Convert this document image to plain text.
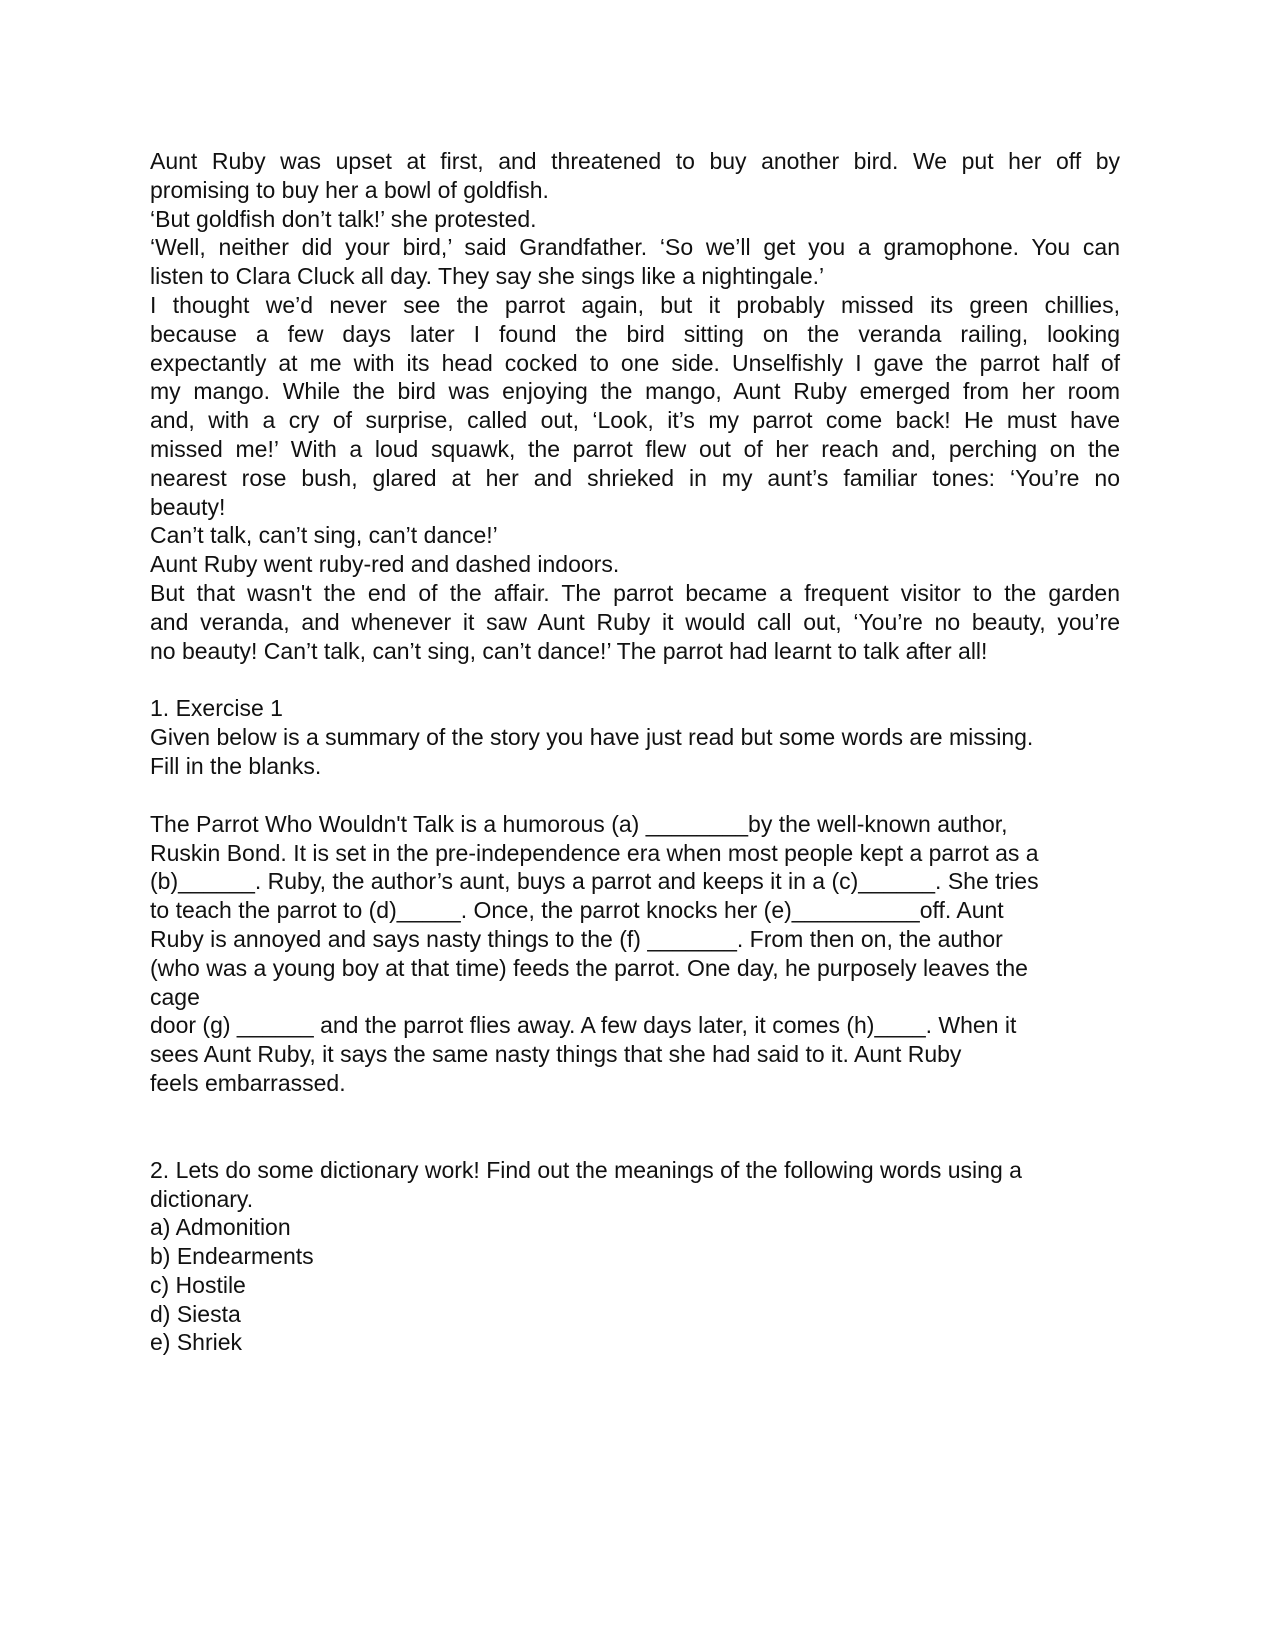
Aunt Ruby was upset at first, and threatened to buy another bird. We put her off by
promising to buy her a bowl of goldfish.
‘But goldfish don’t talk!’ she protested.
‘Well, neither did your bird,’ said Grandfather. ‘So we’ll get you a gramophone. You can
listen to Clara Cluck all day. They say she sings like a nightingale.’
I thought we’d never see the parrot again, but it probably missed its green chillies,
because a few days later I found the bird sitting on the veranda railing, looking
expectantly at me with its head cocked to one side. Unselfishly I gave the parrot half of
my mango. While the bird was enjoying the mango, Aunt Ruby emerged from her room
and, with a cry of surprise, called out, ‘Look, it’s my parrot come back! He must have
missed me!’ With a loud squawk, the parrot flew out of her reach and, perching on the
nearest rose bush, glared at her and shrieked in my aunt’s familiar tones: ‘You’re no
beauty!
Can’t talk, can’t sing, can’t dance!’
Aunt Ruby went ruby-red and dashed indoors.
But that wasn't the end of the affair. The parrot became a frequent visitor to the garden
and veranda, and whenever it saw Aunt Ruby it would call out, ‘You’re no beauty, you’re
no beauty! Can’t talk, can’t sing, can’t dance!’ The parrot had learnt to talk after all!
1. Exercise 1
Given below is a summary of the story you have just read but some words are missing.
Fill in the blanks.
The Parrot Who Wouldn't Talk is a humorous (a) ________by the well-known author,
Ruskin Bond. It is set in the pre-independence era when most people kept a parrot as a
(b)______. Ruby, the author’s aunt, buys a parrot and keeps it in a (c)______. She tries
to teach the parrot to (d)_____. Once, the parrot knocks her (e)__________off. Aunt
Ruby is annoyed and says nasty things to the (f) _______. From then on, the author
(who was a young boy at that time) feeds the parrot. One day, he purposely leaves the
cage
door (g) ______ and the parrot flies away. A few days later, it comes (h)____. When it
sees Aunt Ruby, it says the same nasty things that she had said to it. Aunt Ruby
feels embarrassed.
2. Lets do some dictionary work! Find out the meanings of the following words using a
dictionary.
a) Admonition
b) Endearments
c) Hostile
d) Siesta
e) Shriek
